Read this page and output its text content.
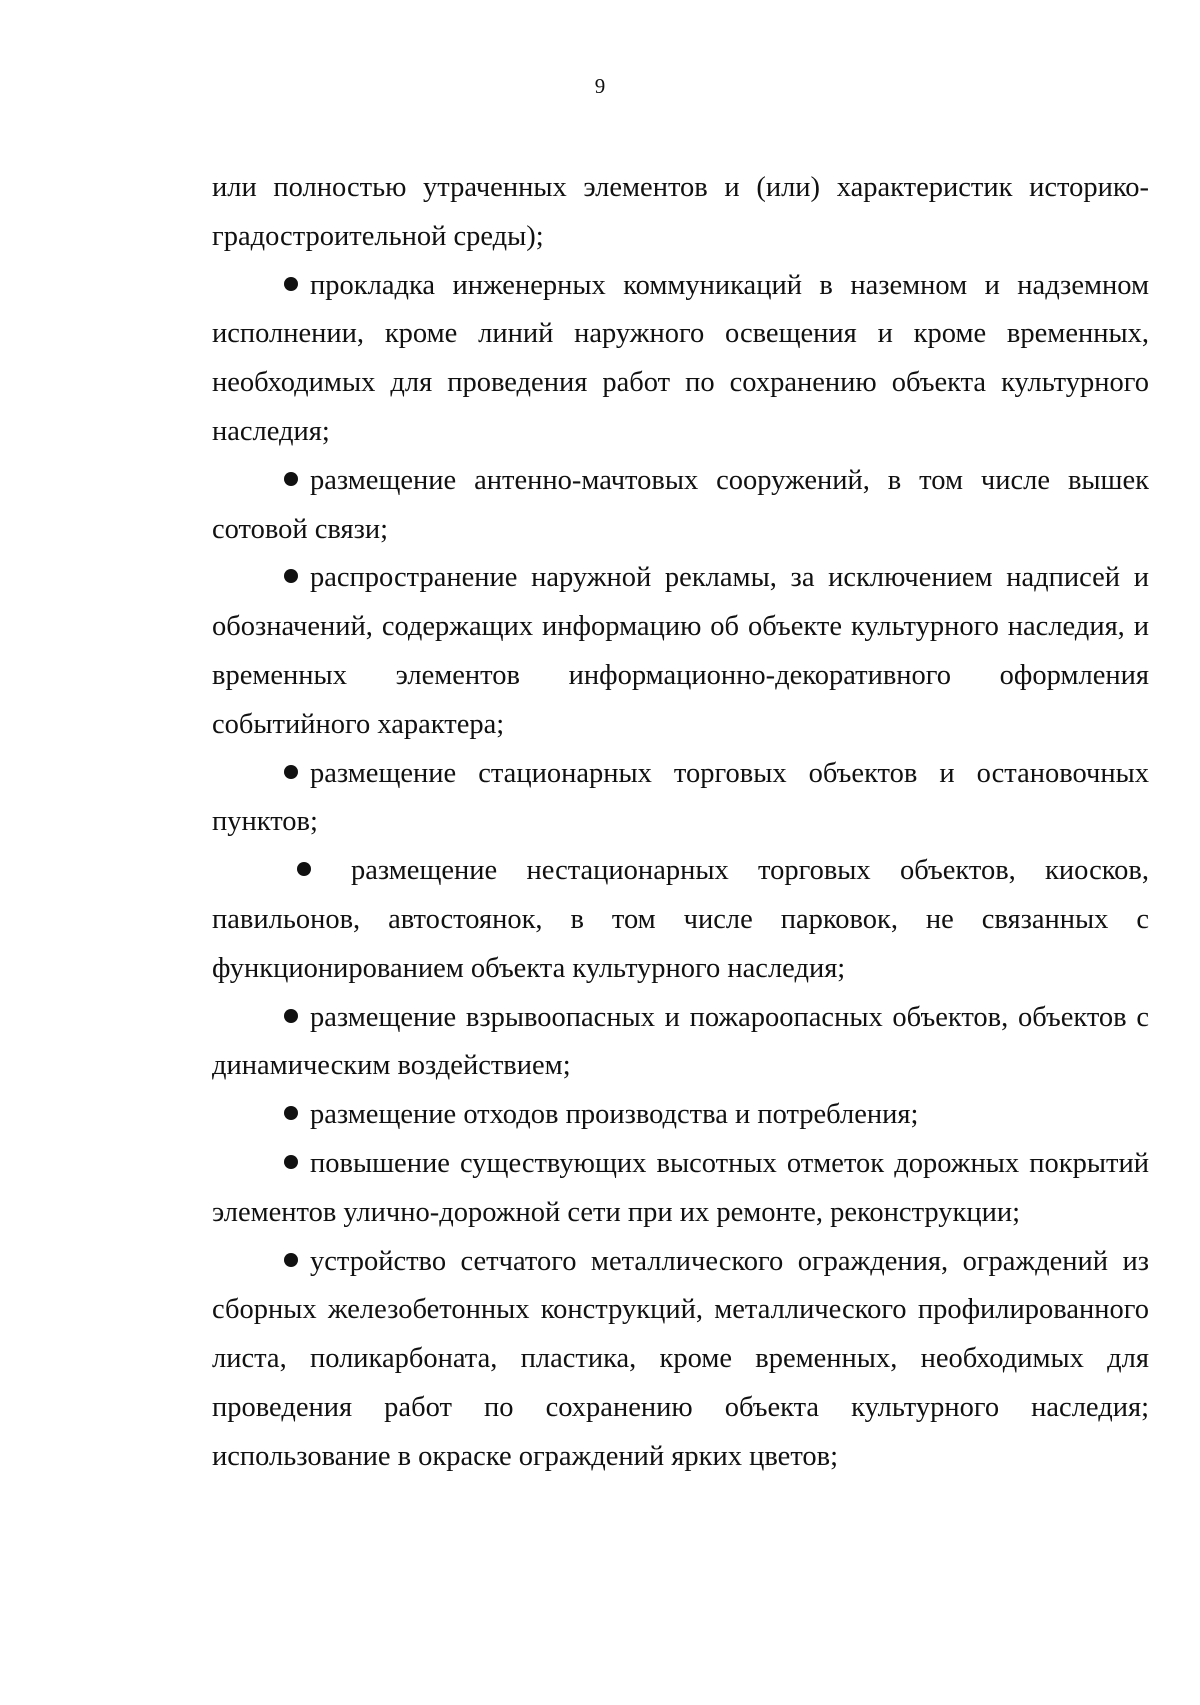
9

или полностью утраченных элементов и (или) характеристик историко-градостроительной среды);

прокладка инженерных коммуникаций в наземном и надземном исполнении, кроме линий наружного освещения и кроме временных, необходимых для проведения работ по сохранению объекта культурного наследия;

размещение антенно-мачтовых сооружений, в том числе вышек сотовой связи;

распространение наружной рекламы, за исключением надписей и обозначений, содержащих информацию об объекте культурного наследия, и временных элементов информационно-декоративного оформления событийного характера;

размещение стационарных торговых объектов и остановочных пунктов;

размещение нестационарных торговых объектов, киосков, павильонов, автостоянок, в том числе парковок, не связанных с функционированием объекта культурного наследия;

размещение взрывоопасных и пожароопасных объектов, объектов с динамическим воздействием;

размещение отходов производства и потребления;

повышение существующих высотных отметок дорожных покрытий элементов улично-дорожной сети при их ремонте, реконструкции;

устройство сетчатого металлического ограждения, ограждений из сборных железобетонных конструкций, металлического профилированного листа, поликарбоната, пластика, кроме временных, необходимых для проведения работ по сохранению объекта культурного наследия; использование в окраске ограждений ярких цветов;
